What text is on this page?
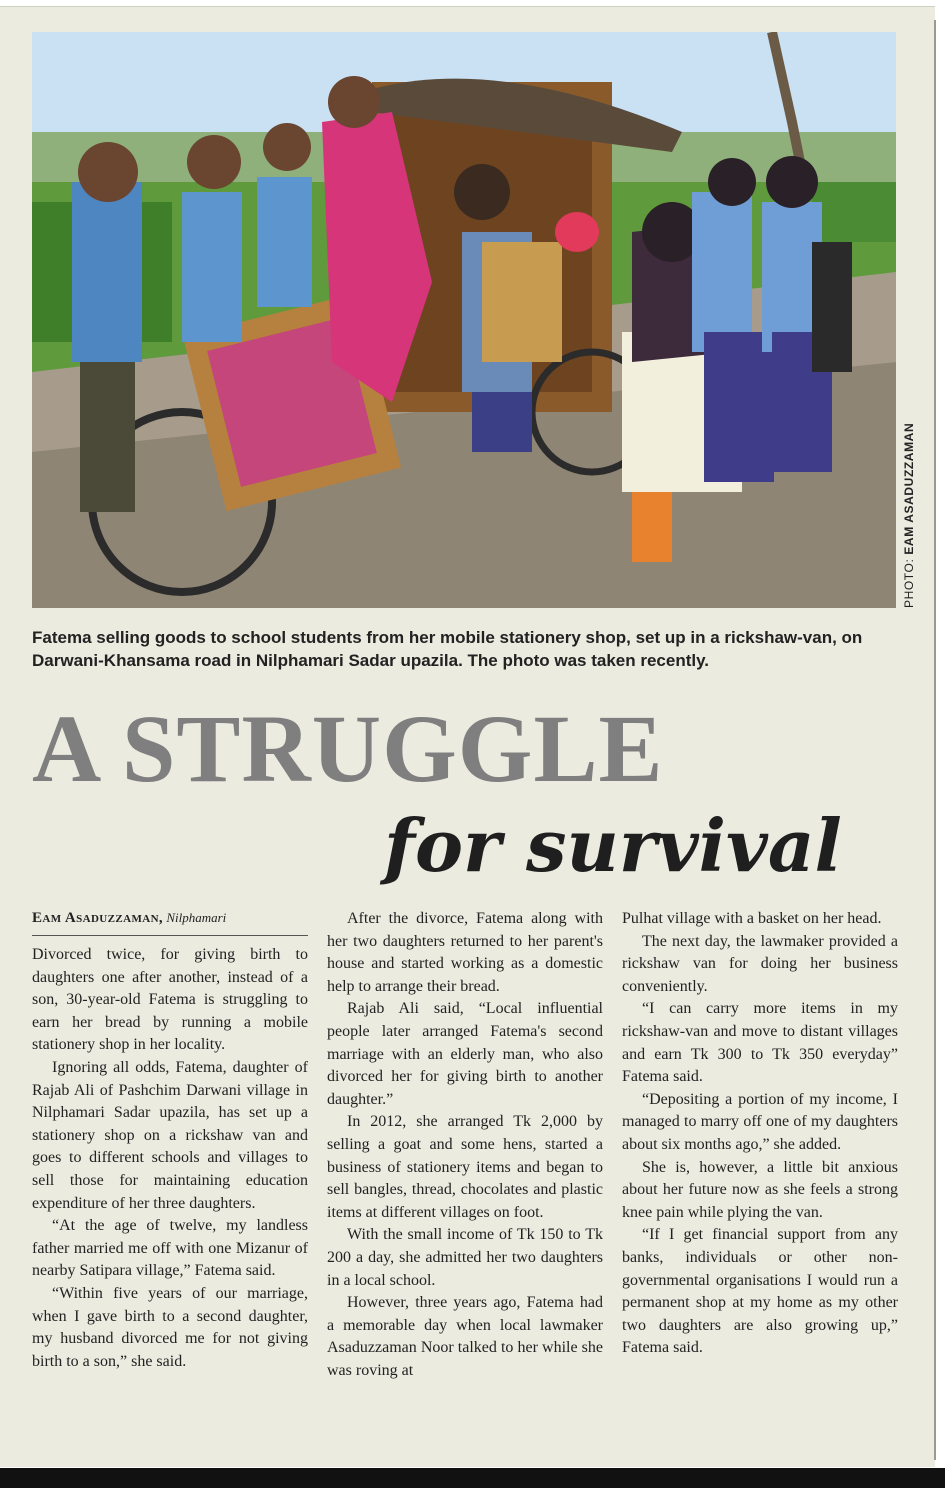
PHOTO: EAM ASADUZZAMAN

Fatema selling goods to school students from her mobile stationery shop, set up in a rickshaw-van, on Darwani-Khansama road in Nilphamari Sadar upazila. The photo was taken recently.

A STRUGGLE
for survival
Eam Asaduzzaman, Nilphamari

Divorced twice, for giving birth to daughters one after another, instead of a son, 30-year-old Fatema is struggling to earn her bread by running a mobile stationery shop in her locality.

Ignoring all odds, Fatema, daughter of Rajab Ali of Pashchim Darwani village in Nilphamari Sadar upazila, has set up a stationery shop on a rickshaw van and goes to different schools and villages to sell those for maintaining education expenditure of her three daughters.

“At the age of twelve, my landless father married me off with one Mizanur of nearby Satipara village,” Fatema said.

“Within five years of our marriage, when I gave birth to a second daughter, my husband divorced me for not giving birth to a son,” she said.

After the divorce, Fatema along with her two daughters returned to her parent's house and started working as a domestic help to arrange their bread.

Rajab Ali said, “Local influential people later arranged Fatema's second marriage with an elderly man, who also divorced her for giving birth to another daughter.”

In 2012, she arranged Tk 2,000 by selling a goat and some hens, started a business of stationery items and began to sell bangles, thread, chocolates and plastic items at different villages on foot.

With the small income of Tk 150 to Tk 200 a day, she admitted her two daughters in a local school.

However, three years ago, Fatema had a memorable day when local lawmaker Asaduzzaman Noor talked to her while she was roving at

Pulhat village with a basket on her head.

The next day, the lawmaker provided a rickshaw van for doing her business conveniently.

“I can carry more items in my rickshaw-van and move to distant villages and earn Tk 300 to Tk 350 everyday” Fatema said.

“Depositing a portion of my income, I managed to marry off one of my daughters about six months ago,” she added.

She is, however, a little bit anxious about her future now as she feels a strong knee pain while plying the van.

“If I get financial support from any banks, individuals or other non-governmental organisations I would run a permanent shop at my home as my other two daughters are also growing up,” Fatema said.
